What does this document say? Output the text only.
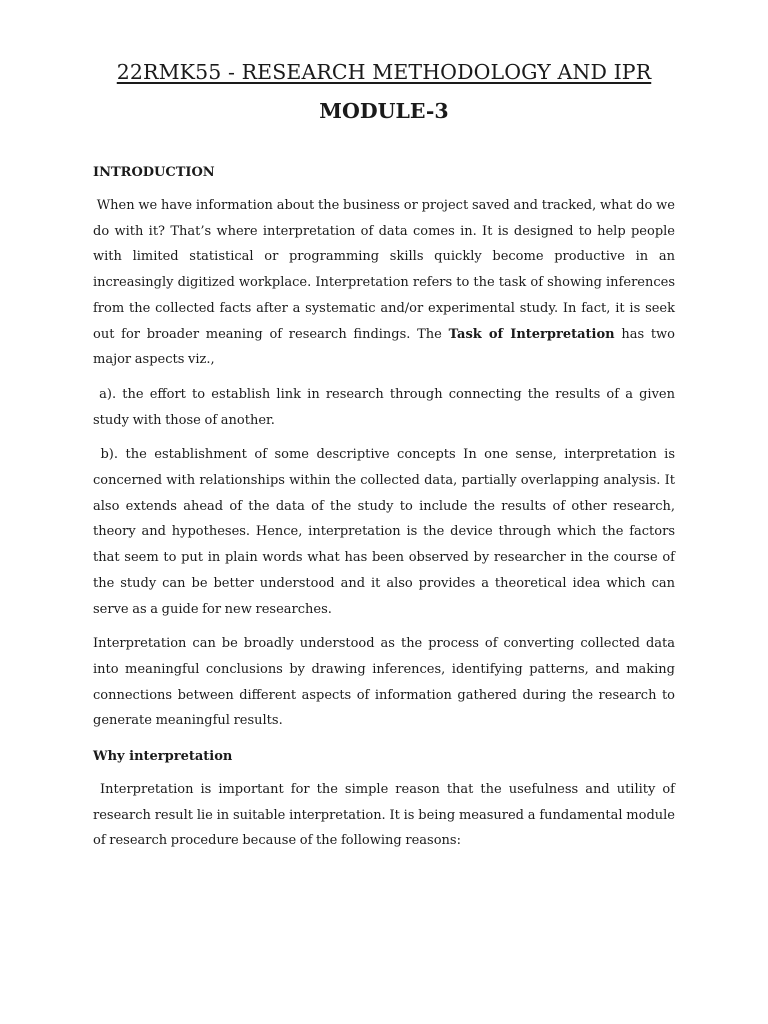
22RMK55 - RESEARCH METHODOLOGY AND IPR
MODULE-3
INTRODUCTION

When we have information about the business or project saved and tracked, what do we do with it? That’s where interpretation of data comes in. It is designed to help people with limited statistical or programming skills quickly become productive in an increasingly digitized workplace. Interpretation refers to the task of showing inferences from the collected facts after a systematic and/or experimental study. In fact, it is seek out for broader meaning of research findings. The Task of Interpretation has two major aspects viz.,

a). the effort to establish link in research through connecting the results of a given study with those of another.

b). the establishment of some descriptive concepts In one sense, interpretation is concerned with relationships within the collected data, partially overlapping analysis. It also extends ahead of the data of the study to include the results of other research, theory and hypotheses. Hence, interpretation is the device through which the factors that seem to put in plain words what has been observed by researcher in the course of the study can be better understood and it also provides a theoretical idea which can serve as a guide for new researches.

Interpretation can be broadly understood as the process of converting collected data into meaningful conclusions by drawing inferences, identifying patterns, and making connections between different aspects of information gathered during the research to generate meaningful results.

Why interpretation

Interpretation is important for the simple reason that the usefulness and utility of research result lie in suitable interpretation. It is being measured a fundamental module of research procedure because of the following reasons:
